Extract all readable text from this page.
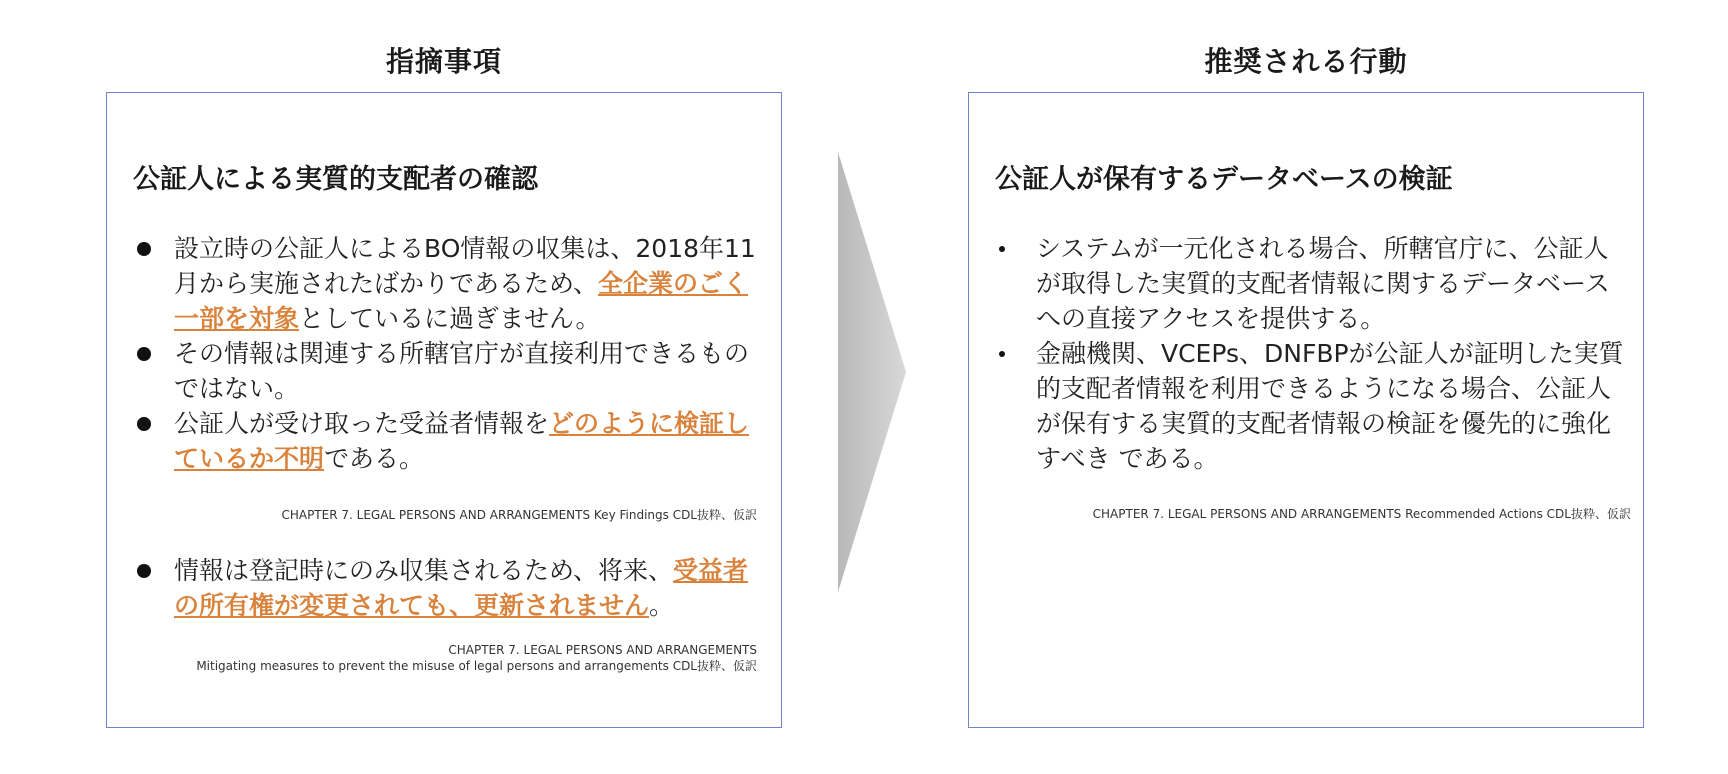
指摘事項	推奨される行動
公証人による実質的支配者の確認
設立時の公証人によるBO情報の収集は、2018年11月から実施されたばかりであるため、全企業のごく一部を対象としているに過ぎません。
その情報は関連する所轄官庁が直接利用できるものではない。
公証人が受け取った受益者情報をどのように検証しているか不明である。
CHAPTER 7. LEGAL PERSONS AND ARRANGEMENTS Key Findings CDL抜粋、仮訳
情報は登記時にのみ収集されるため、将来、受益者の所有権が変更されても、更新されません。
CHAPTER 7. LEGAL PERSONS AND ARRANGEMENTS
Mitigating measures to prevent the misuse of legal persons and arrangements CDL抜粋、仮訳
公証人が保有するデータベースの検証
システムが一元化される場合、所轄官庁に、公証人が取得した実質的支配者情報に関するデータベースへの直接アクセスを提供する。
金融機関、VCEPs、DNFBPが公証人が証明した実質的支配者情報を利用できるようになる場合、公証人が保有する実質的支配者情報の検証を優先的に強化すべき である。
CHAPTER 7. LEGAL PERSONS AND ARRANGEMENTS Recommended Actions CDL抜粋、仮訳
